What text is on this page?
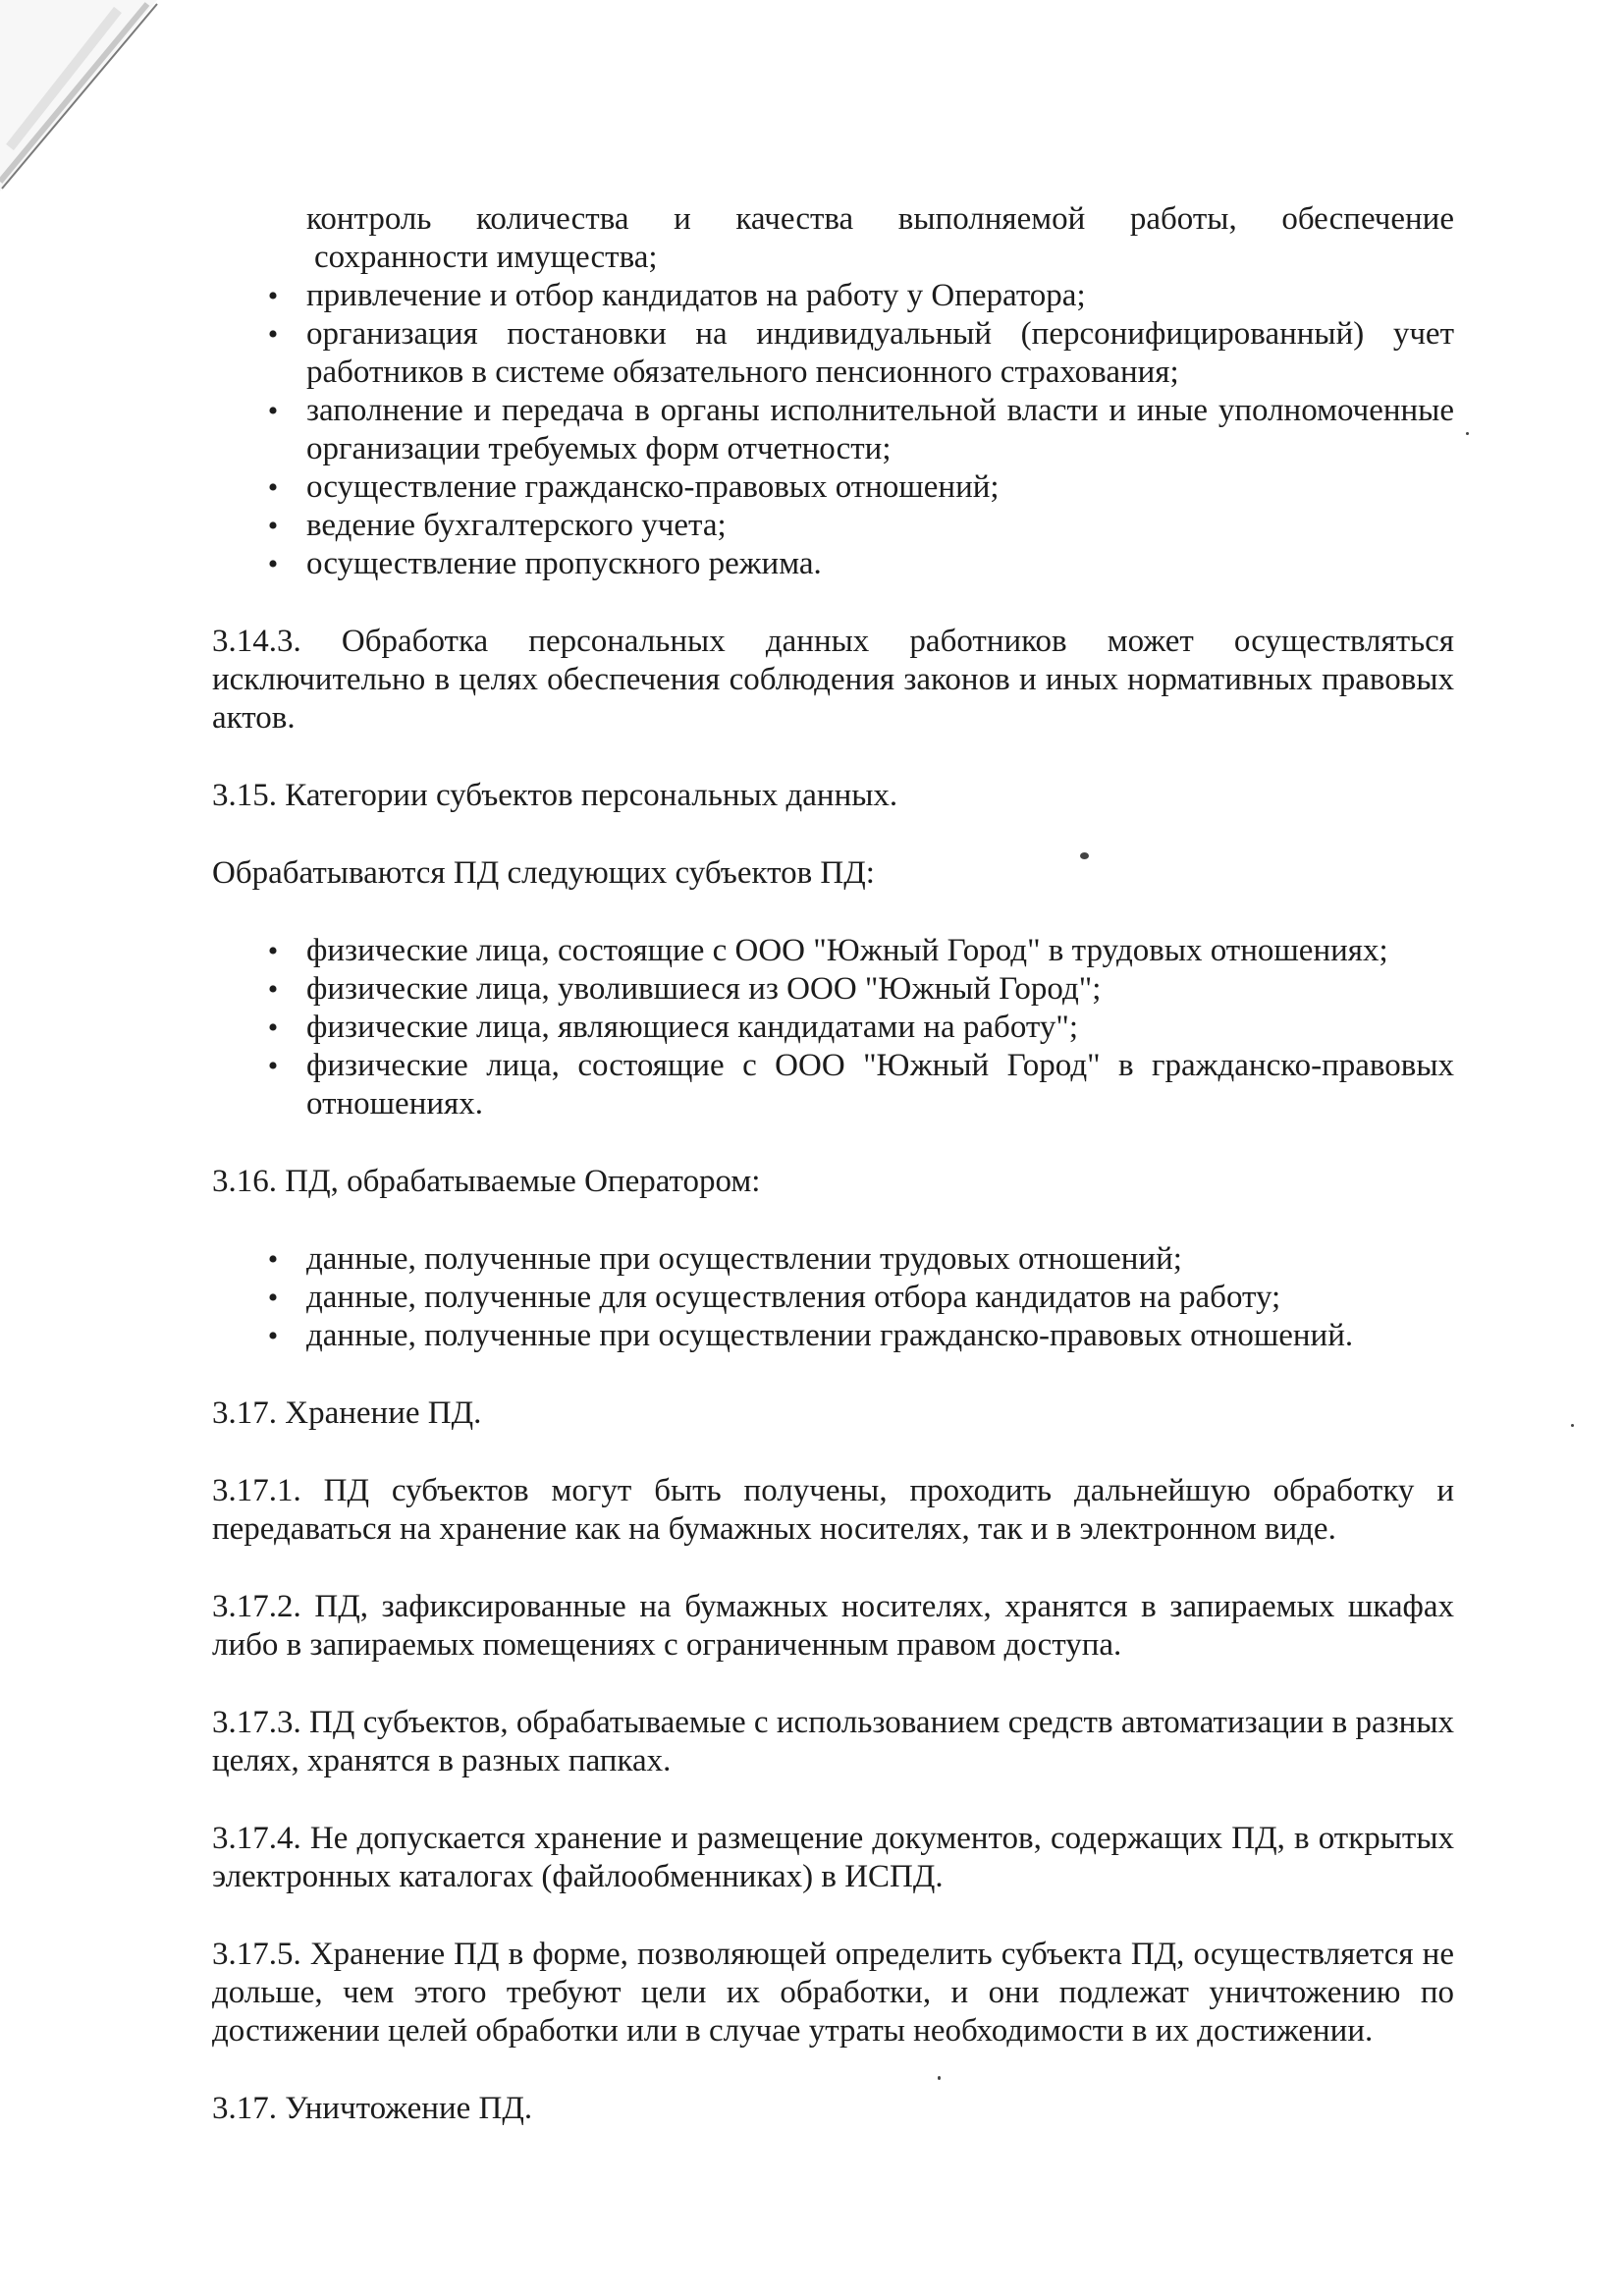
контроль количества и качества выполняемой работы, обеспечение
сохранности имущества;
•
привлечение и отбор кандидатов на работу у Оператора;
•
организация постановки на индивидуальный (персонифицированный) учет работников в системе обязательного пенсионного страхования;
•
заполнение и передача в органы исполнительной власти и иные уполномоченные организации требуемых форм отчетности;
•
осуществление гражданско-правовых отношений;
•
ведение бухгалтерского учета;
•
осуществление пропускного режима.

3.14.3. Обработка персональных данных работников может осуществляться исключительно в целях обеспечения соблюдения законов и иных нормативных правовых актов.

3.15. Категории субъектов персональных данных.

Обрабатываются ПД следующих субъектов ПД:

•
физические лица, состоящие с ООО "Южный Город" в трудовых отношениях;
•
физические лица, уволившиеся из ООО "Южный Город";
•
физические лица, являющиеся кандидатами на работу";
•
физические лица, состоящие с ООО "Южный Город" в гражданско-правовых отношениях.

3.16. ПД, обрабатываемые Оператором:

•
данные, полученные при осуществлении трудовых отношений;
•
данные, полученные для осуществления отбора кандидатов на работу;
•
данные, полученные при осуществлении гражданско-правовых отношений.

3.17. Хранение ПД.

3.17.1. ПД субъектов могут быть получены, проходить дальнейшую обработку и передаваться на хранение как на бумажных носителях, так и в электронном виде.

3.17.2. ПД, зафиксированные на бумажных носителях, хранятся в запираемых шкафах либо в запираемых помещениях с ограниченным правом доступа.

3.17.3. ПД субъектов, обрабатываемые с использованием средств автоматизации в разных целях, хранятся в разных папках.

3.17.4. Не допускается хранение и размещение документов, содержащих ПД, в открытых электронных каталогах (файлообменниках) в ИСПД.

3.17.5. Хранение ПД в форме, позволяющей определить субъекта ПД, осуществляется не дольше, чем этого требуют цели их обработки, и они подлежат уничтожению по достижении целей обработки или в случае утраты необходимости в их достижении.

3.17. Уничтожение ПД.
